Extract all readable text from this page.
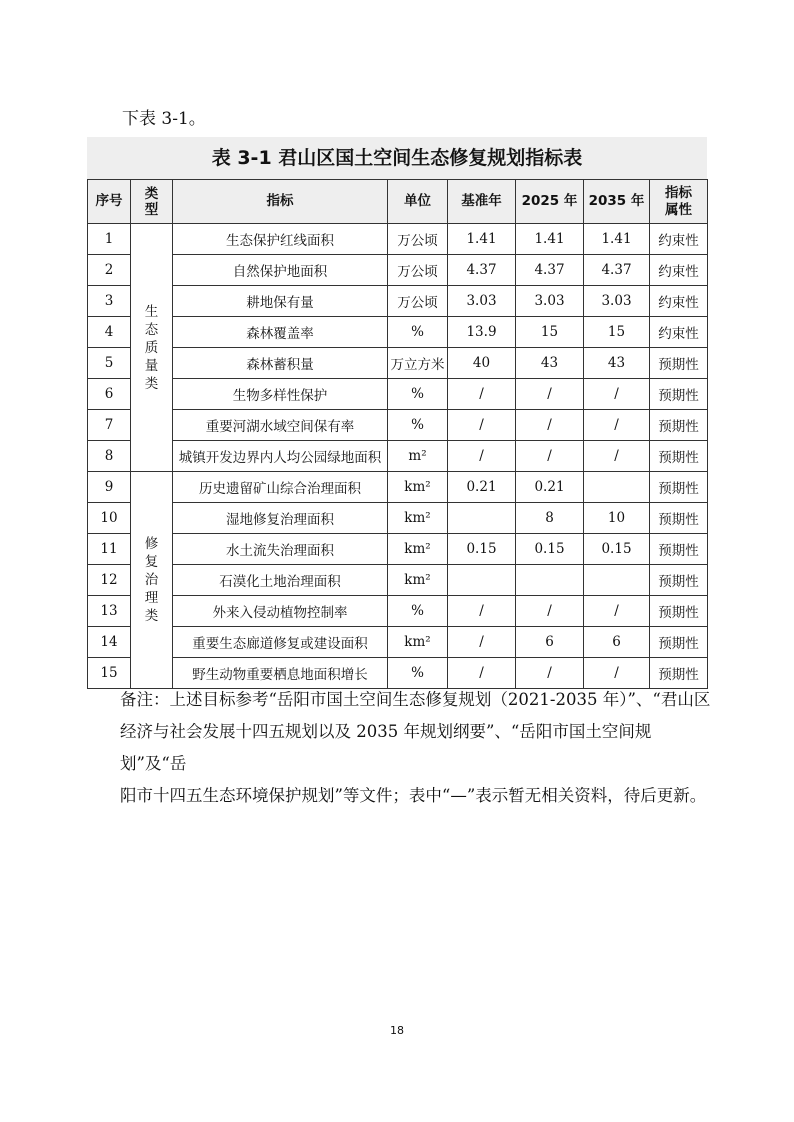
下表 3-1。
表 3-1 君山区国土空间生态修复规划指标表
序号	类型	指标	单位	基准年	2025 年	2035 年	指标属性

1	生态质量类	生态保护红线面积	万公顷	1.41	1.41	1.41	约束性
2		自然保护地面积	万公顷	4.37	4.37	4.37	约束性
3		耕地保有量	万公顷	3.03	3.03	3.03	约束性
4		森林覆盖率	%	13.9	15	15	约束性
5		森林蓄积量	万立方米	40	43	43	预期性
6		生物多样性保护	%	/	/	/	预期性
7		重要河湖水域空间保有率	%	/	/	/	预期性
8		城镇开发边界内人均公园绿地面积	m²	/	/	/	预期性
9	修复治理类	历史遗留矿山综合治理面积	km²	0.21	0.21		预期性
10		湿地修复治理面积	km²		8	10	预期性
11		水土流失治理面积	km²	0.15	0.15	0.15	预期性
12		石漠化土地治理面积	km²				预期性
13		外来入侵动植物控制率	%	/	/	/	预期性
14		重要生态廊道修复或建设面积	km²	/	6	6	预期性
15		野生动物重要栖息地面积增长	%	/	/	/	预期性
备注：上述目标参考“岳阳市国土空间生态修复规划（2021-2035 年）”、“君山区
经济与社会发展十四五规划以及 2035 年规划纲要”、“岳阳市国土空间规划”及“岳
阳市十四五生态环境保护规划”等文件；表中“—”表示暂无相关资料，待后更新。
18
